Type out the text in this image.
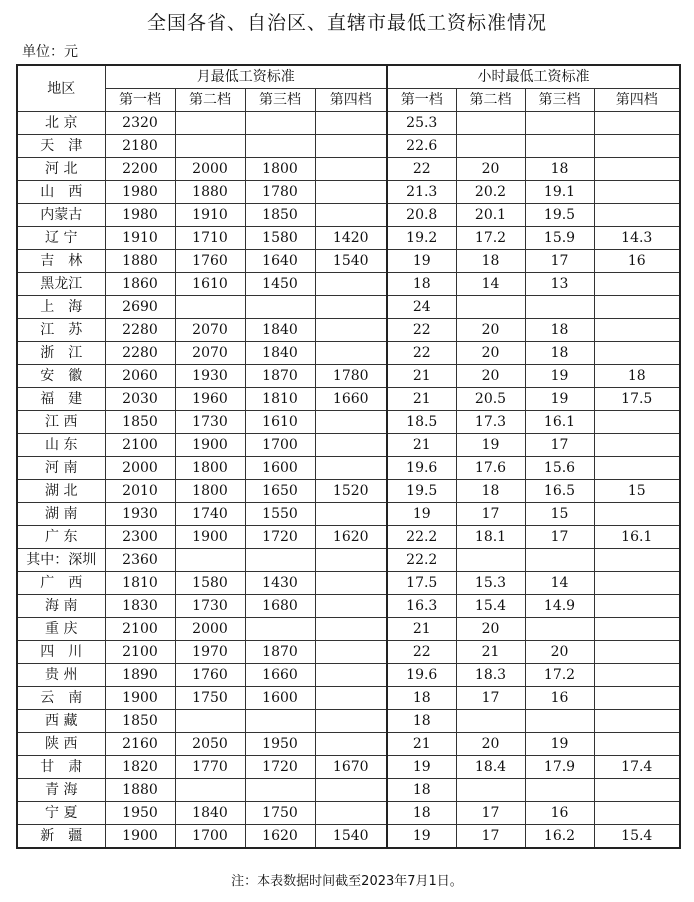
全国各省、自治区、直辖市最低工资标准情况
单位：元
地区	月最低工资标准				小时最低工资标准			
	第一档	第二档	第三档	第四档	第一档	第二档	第三档	第四档
北 京	2320				25.3			
天　津	2180				22.6			
河 北	2200	2000	1800		22	20	18	
山　西	1980	1880	1780		21.3	20.2	19.1	
内蒙古	1980	1910	1850		20.8	20.1	19.5	
辽 宁	1910	1710	1580	1420	19.2	17.2	15.9	14.3
吉　林	1880	1760	1640	1540	19	18	17	16
黑龙江	1860	1610	1450		18	14	13	
上　海	2690				24			
江　苏	2280	2070	1840		22	20	18	
浙　江	2280	2070	1840		22	20	18	
安　徽	2060	1930	1870	1780	21	20	19	18
福　建	2030	1960	1810	1660	21	20.5	19	17.5
江 西	1850	1730	1610		18.5	17.3	16.1	
山 东	2100	1900	1700		21	19	17	
河 南	2000	1800	1600		19.6	17.6	15.6	
湖 北	2010	1800	1650	1520	19.5	18	16.5	15
湖 南	1930	1740	1550		19	17	15	
广 东	2300	1900	1720	1620	22.2	18.1	17	16.1
其中：深圳	2360				22.2			
广　西	1810	1580	1430		17.5	15.3	14	
海 南	1830	1730	1680		16.3	15.4	14.9	
重 庆	2100	2000			21	20		
四　川	2100	1970	1870		22	21	20	
贵 州	1890	1760	1660		19.6	18.3	17.2	
云　南	1900	1750	1600		18	17	16	
西 藏	1850				18			
陕 西	2160	2050	1950		21	20	19	
甘　肃	1820	1770	1720	1670	19	18.4	17.9	17.4
青 海	1880				18			
宁 夏	1950	1840	1750		18	17	16	
新　疆	1900	1700	1620	1540	19	17	16.2	15.4
注：本表数据时间截至2023年7月1日。
